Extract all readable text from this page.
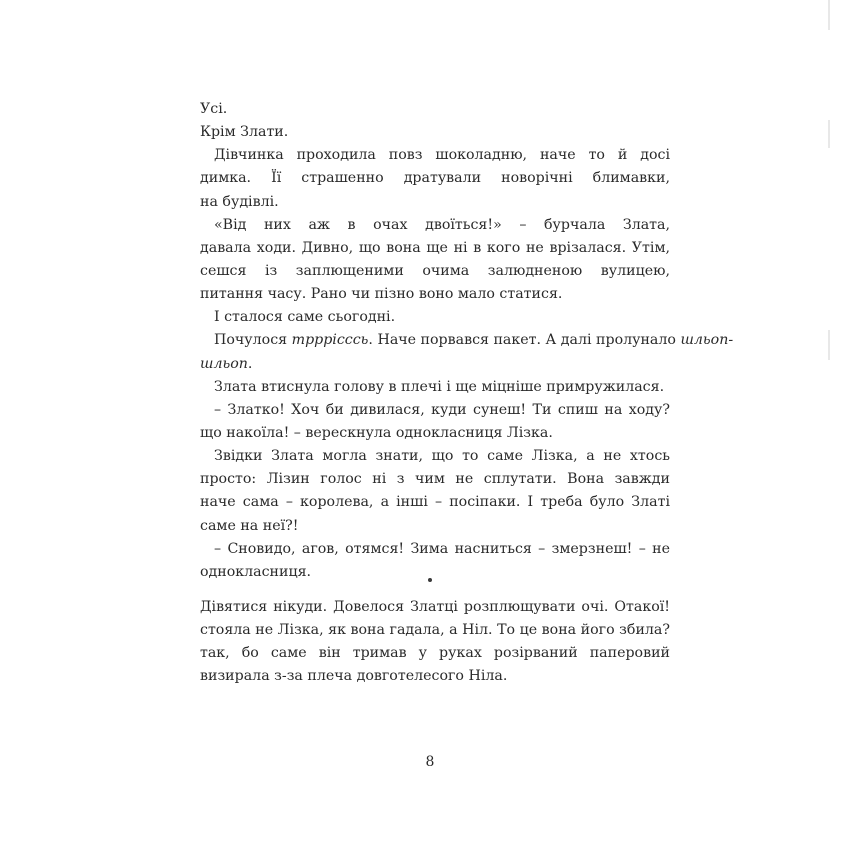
Усі.
Крім Злати.
Дівчинка проходила повз шоколадню, наче то й досі
димка. Її страшенно дратували новорічні блимавки,
на будівлі.
«Від них аж в очах двоїться!» – бурчала Злата,
давала ходи. Дивно, що вона ще ні в кого не врізалася. Утім,
сешся із заплющеними очима залюдненою вулицею,
питання часу. Рано чи пізно воно мало статися.
І сталося саме сьогодні.
Почулося трррісссь. Наче порвався пакет. А далі пролунало шльоп-
шльоп.
Злата втиснула голову в плечі і ще міцніше примружилася.
– Златко! Хоч би дивилася, куди сунеш! Ти спиш на ходу?
що накоїла! – верескнула однокласниця Лізка.
Звідки Злата могла знати, що то саме Лізка, а не хтось
просто: Лізин голос ні з чим не сплутати. Вона завжди
наче сама – королева, а інші – посіпаки. І треба було Златі
саме на неї?!
– Сновидо, агов, отямся! Зима насниться – змерзнеш! – не
однокласниця.
Дівятися нікуди. Довелося Златці розплющувати очі. Отакої!
стояла не Лізка, як вона гадала, а Ніл. То це вона його збила?
так, бо саме він тримав у руках розірваний паперовий
визирала з-за плеча довготелесого Ніла.
8
